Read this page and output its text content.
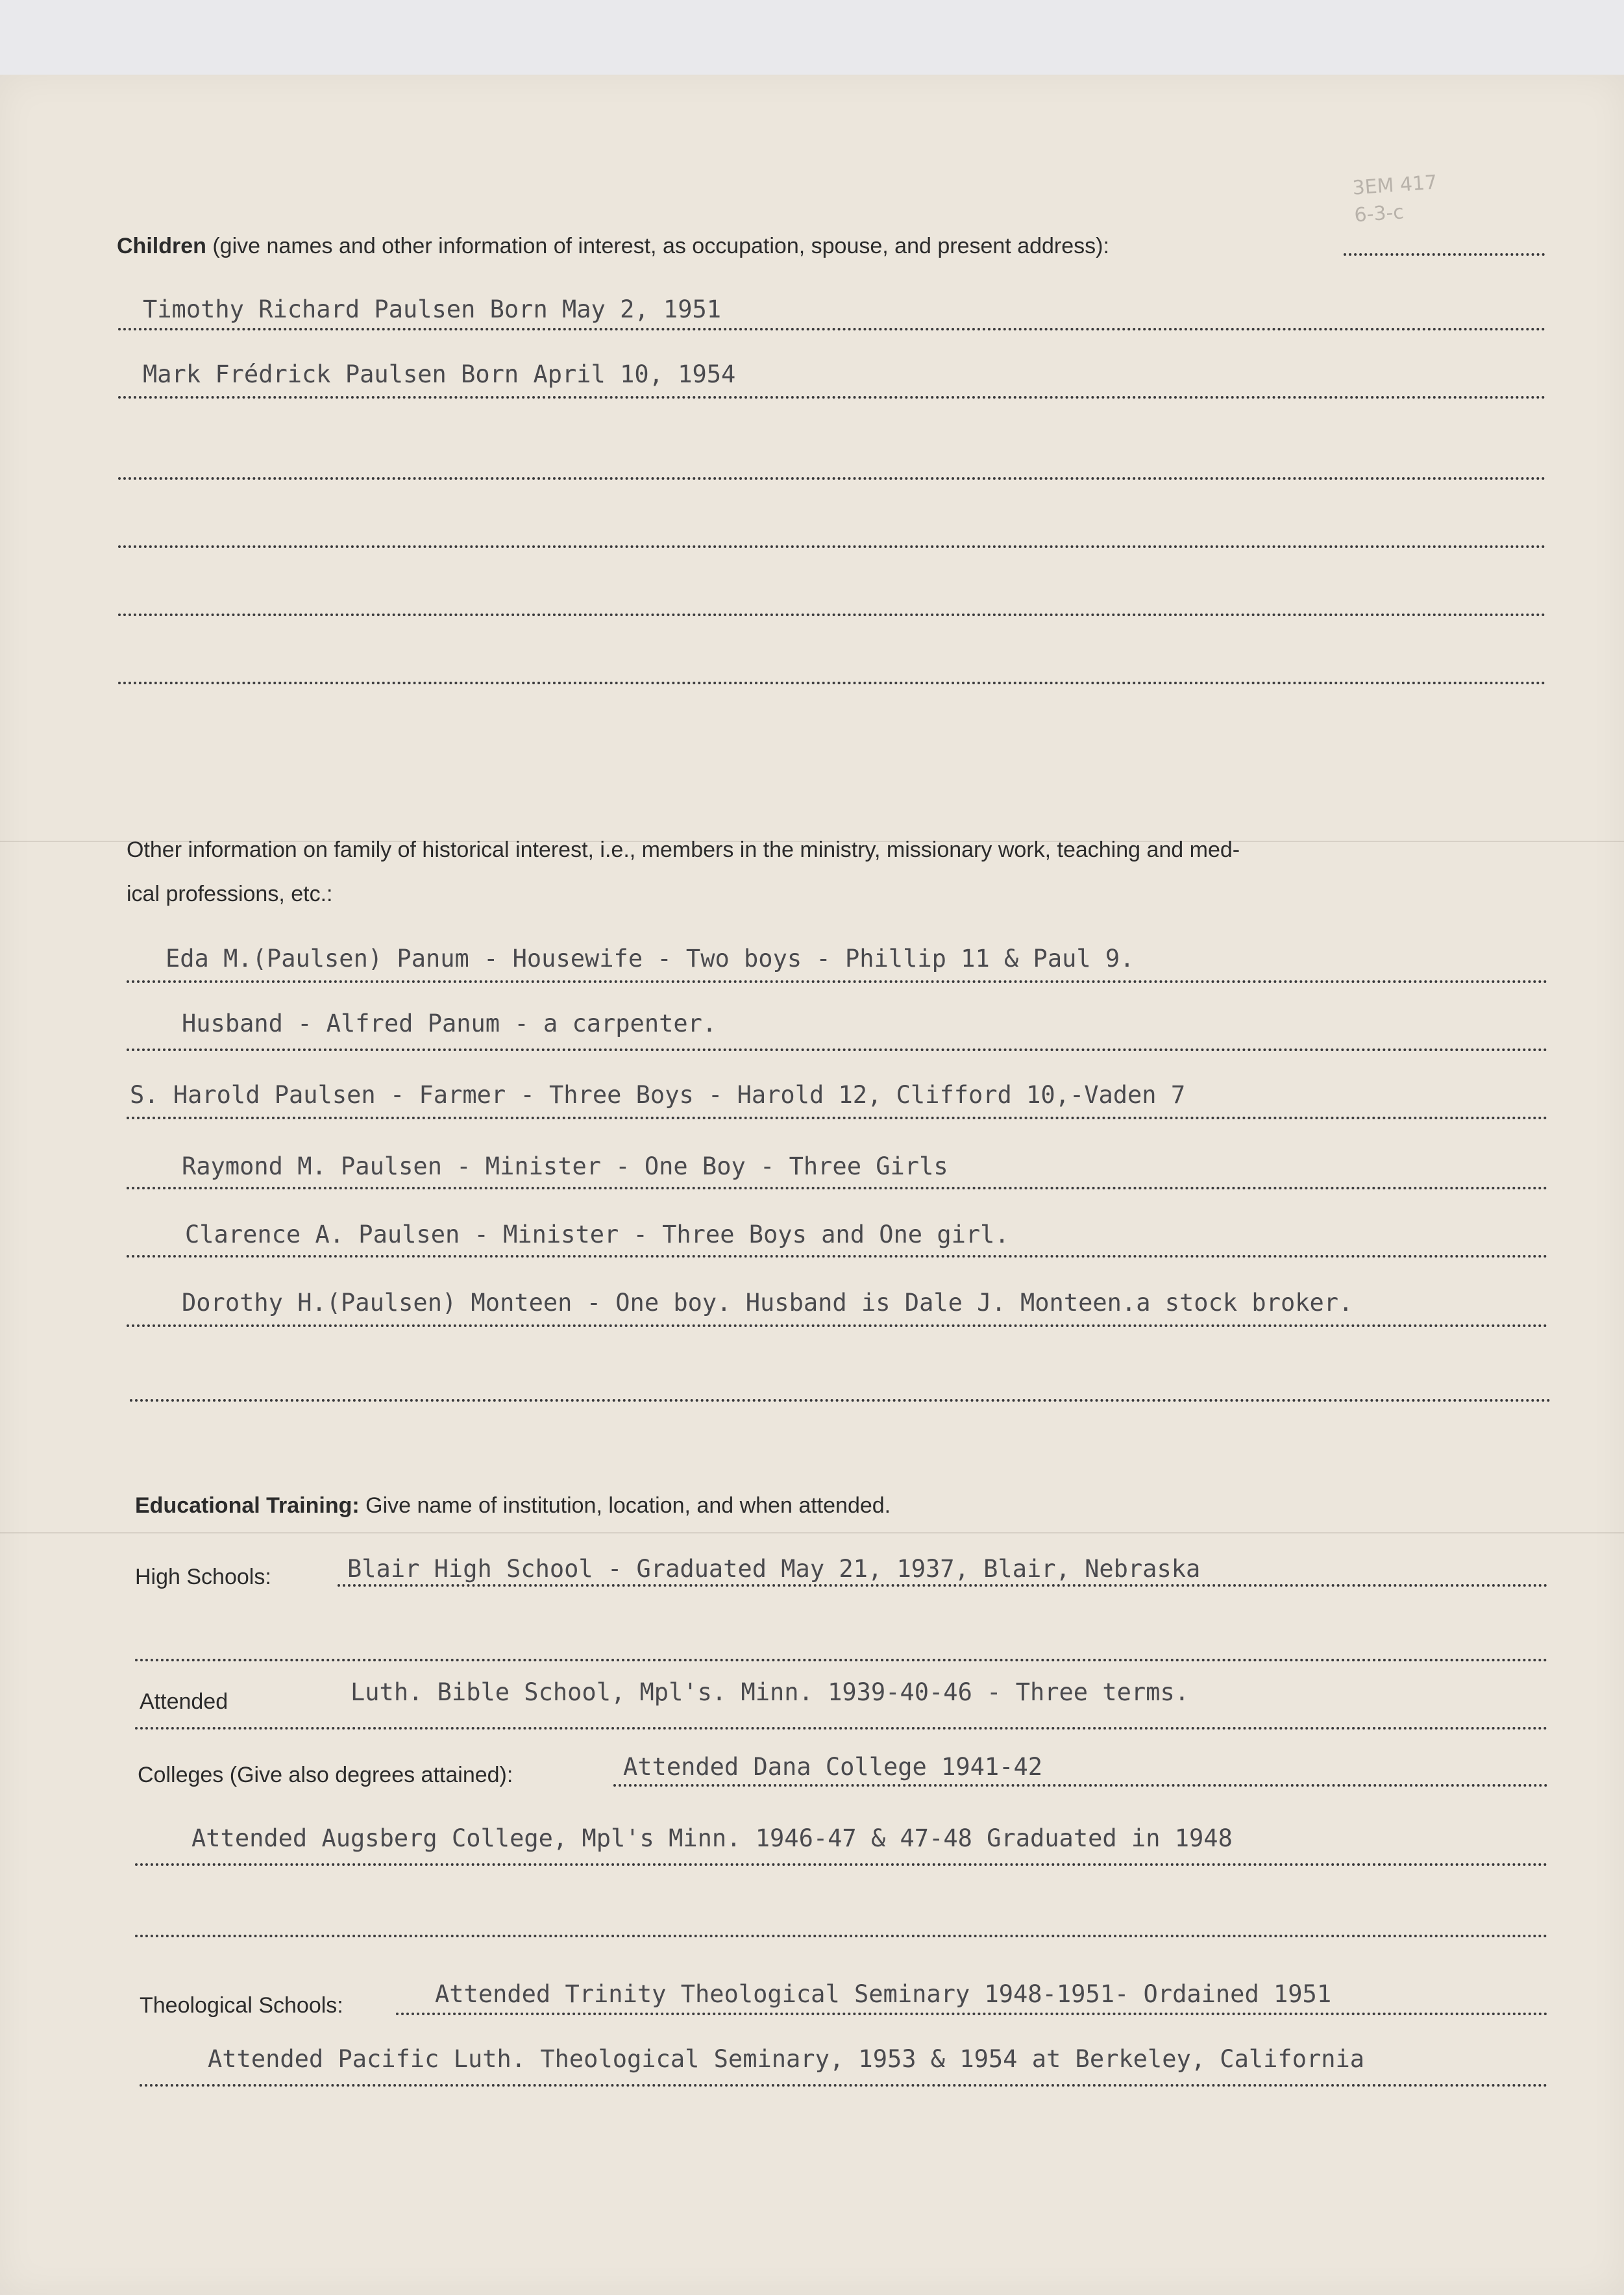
3EM 417
6-3-c
Children (give names and other information of interest, as occupation, spouse, and present address):
Timothy Richard Paulsen Born May 2, 1951
Mark Frédrick Paulsen Born April 10, 1954
Other information on family of historical interest, i.e., members in the ministry, missionary work, teaching and med-
ical professions, etc.:
Eda M.(Paulsen) Panum - Housewife - Two boys - Phillip 11 & Paul 9.
Husband - Alfred Panum - a carpenter.
S. Harold Paulsen - Farmer - Three Boys - Harold 12, Clifford 10,-Vaden 7
Raymond M. Paulsen - Minister - One Boy - Three Girls
Clarence A. Paulsen - Minister - Three Boys and One girl.
Dorothy H.(Paulsen) Monteen - One boy. Husband is Dale J. Monteen.a stock broker.
Educational Training: Give name of institution, location, and when attended.
High Schools:	Blair High School - Graduated May 21, 1937, Blair, Nebraska
Attended	Luth. Bible School, Mpl's. Minn. 1939-40-46 - Three terms.
Colleges (Give also degrees attained):	Attended Dana College 1941-42
Attended Augsberg College, Mpl's Minn. 1946-47 & 47-48 Graduated in 1948
Theological Schools:	Attended Trinity Theological Seminary 1948-1951- Ordained 1951
Attended Pacific Luth. Theological Seminary, 1953 & 1954 at Berkeley, California
